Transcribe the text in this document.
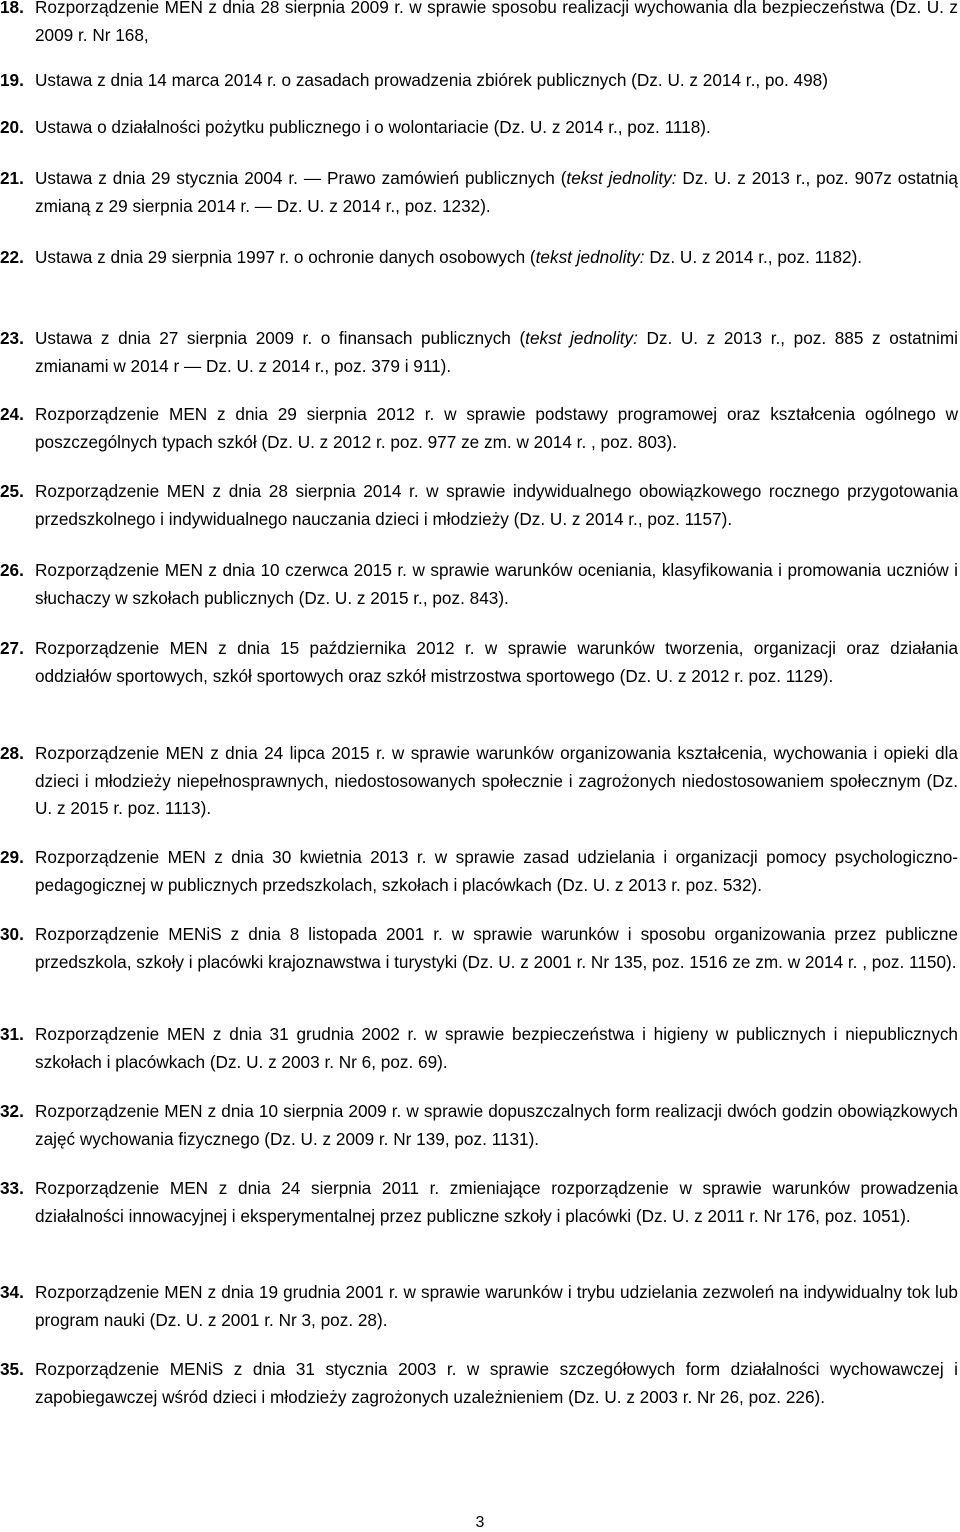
18. Rozporządzenie MEN z dnia 28 sierpnia 2009 r. w sprawie sposobu realizacji wychowania dla bezpieczeństwa (Dz. U. z 2009 r. Nr 168,
19. Ustawa z dnia 14 marca 2014 r. o zasadach prowadzenia zbiórek publicznych (Dz. U. z 2014 r., po. 498)
20. Ustawa o działalności pożytku publicznego i o wolontariacie (Dz. U. z 2014 r., poz. 1118).
21. Ustawa z dnia 29 stycznia 2004 r. — Prawo zamówień publicznych (tekst jednolity: Dz. U. z 2013 r., poz. 907z ostatnią zmianą z 29 sierpnia 2014 r. — Dz. U. z 2014 r., poz. 1232).
22. Ustawa z dnia 29 sierpnia 1997 r. o ochronie danych osobowych (tekst jednolity: Dz. U. z 2014 r., poz. 1182).
23. Ustawa z dnia 27 sierpnia 2009 r. o finansach publicznych (tekst jednolity: Dz. U. z 2013 r., poz. 885 z ostatnimi zmianami w 2014 r — Dz. U. z 2014 r., poz. 379 i 911).
24. Rozporządzenie MEN z dnia 29 sierpnia 2012 r. w sprawie podstawy programowej oraz kształcenia ogólnego w poszczególnych typach szkół (Dz. U. z 2012 r. poz. 977 ze zm. w 2014 r. , poz. 803).
25. Rozporządzenie MEN z dnia 28 sierpnia 2014 r. w sprawie indywidualnego obowiązkowego rocznego przygotowania przedszkolnego i indywidualnego nauczania dzieci i młodzieży (Dz. U. z 2014 r., poz. 1157).
26. Rozporządzenie MEN z dnia 10 czerwca 2015 r. w sprawie warunków oceniania, klasyfikowania i promowania uczniów i słuchaczy w szkołach publicznych (Dz. U. z 2015 r., poz. 843).
27. Rozporządzenie MEN z dnia 15 października 2012 r. w sprawie warunków tworzenia, organizacji oraz działania oddziałów sportowych, szkół sportowych oraz szkół mistrzostwa sportowego (Dz. U. z 2012 r. poz. 1129).
28. Rozporządzenie MEN z dnia 24 lipca 2015 r. w sprawie warunków organizowania kształcenia, wychowania i opieki dla dzieci i młodzieży niepełnosprawnych, niedostosowanych społecznie i zagrożonych niedostosowaniem społecznym (Dz. U. z 2015 r. poz. 1113).
29. Rozporządzenie MEN z dnia 30 kwietnia 2013 r. w sprawie zasad udzielania i organizacji pomocy psychologiczno-pedagogicznej w publicznych przedszkolach, szkołach i placówkach (Dz. U. z 2013 r. poz. 532).
30. Rozporządzenie MENiS z dnia 8 listopada 2001 r. w sprawie warunków i sposobu organizowania przez publiczne przedszkola, szkoły i placówki krajoznawstwa i turystyki (Dz. U. z 2001 r. Nr 135, poz. 1516 ze zm. w 2014 r. , poz. 1150).
31. Rozporządzenie MEN z dnia 31 grudnia 2002 r. w sprawie bezpieczeństwa i higieny w publicznych i niepublicznych szkołach i placówkach (Dz. U. z 2003 r. Nr 6, poz. 69).
32. Rozporządzenie MEN z dnia 10 sierpnia 2009 r. w sprawie dopuszczalnych form realizacji dwóch godzin obowiązkowych zajęć wychowania fizycznego (Dz. U. z 2009 r. Nr 139, poz. 1131).
33. Rozporządzenie MEN z dnia 24 sierpnia 2011 r. zmieniające rozporządzenie w sprawie warunków prowadzenia działalności innowacyjnej i eksperymentalnej przez publiczne szkoły i placówki (Dz. U. z 2011 r. Nr 176, poz. 1051).
34. Rozporządzenie MEN z dnia 19 grudnia 2001 r. w sprawie warunków i trybu udzielania zezwoleń na indywidualny tok lub program nauki (Dz. U. z 2001 r. Nr 3, poz. 28).
35. Rozporządzenie MENiS z dnia 31 stycznia 2003 r. w sprawie szczegółowych form działalności wychowawczej i zapobiegawczej wśród dzieci i młodzieży zagrożonych uzależnieniem (Dz. U. z 2003 r. Nr 26, poz. 226).
3
